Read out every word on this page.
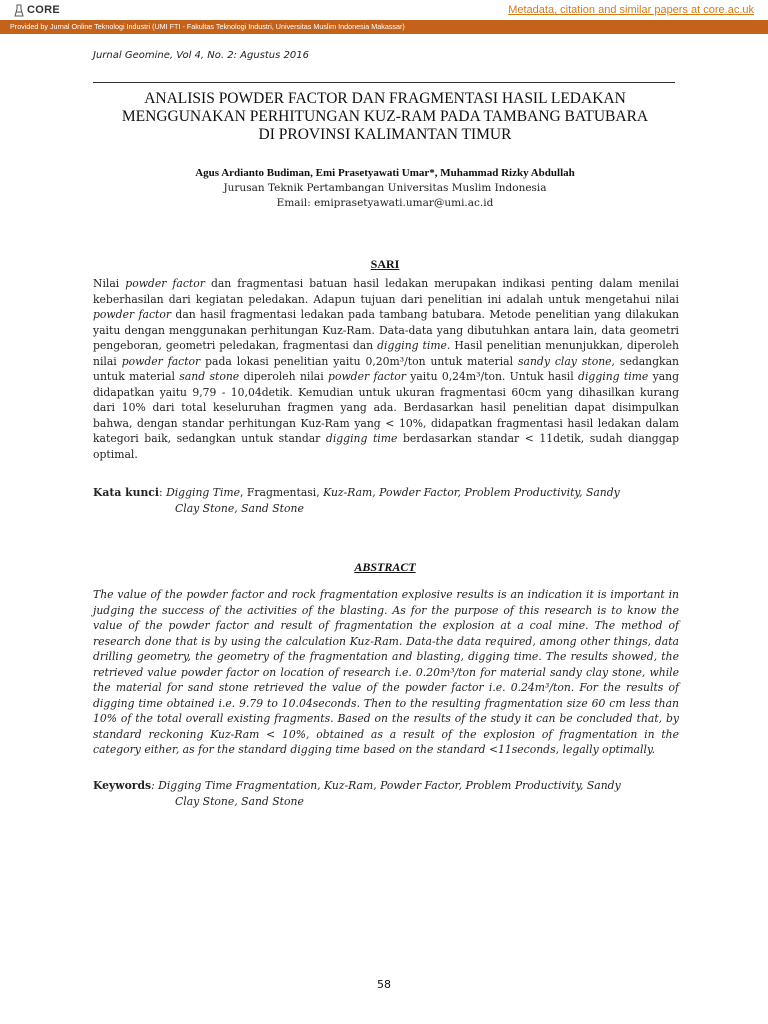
CORE	Metadata, citation and similar papers at core.ac.uk
Provided by Jurnal Online Teknologi Industri (UMI FTI - Fakultas Teknologi Industri, Universitas Muslim Indonesia Makassar)
Jurnal Geomine, Vol 4, No. 2: Agustus 2016
ANALISIS POWDER FACTOR DAN FRAGMENTASI HASIL LEDAKAN
MENGGUNAKAN PERHITUNGAN KUZ-RAM PADA TAMBANG BATUBARA
DI PROVINSI KALIMANTAN TIMUR
Agus Ardianto Budiman, Emi Prasetyawati Umar*, Muhammad Rizky Abdullah
Jurusan Teknik Pertambangan Universitas Muslim Indonesia
Email: emiprasetyawati.umar@umi.ac.id
SARI
Nilai powder factor dan fragmentasi batuan hasil ledakan merupakan indikasi penting dalam menilai keberhasilan dari kegiatan peledakan. Adapun tujuan dari penelitian ini adalah untuk mengetahui nilai powder factor dan hasil fragmentasi ledakan pada tambang batubara. Metode penelitian yang dilakukan yaitu dengan menggunakan perhitungan Kuz-Ram. Data-data yang dibutuhkan antara lain, data geometri pengeboran, geometri peledakan, fragmentasi dan digging time. Hasil penelitian menunjukkan, diperoleh nilai powder factor pada lokasi penelitian yaitu 0,20m³/ton untuk material sandy clay stone, sedangkan untuk material sand stone diperoleh nilai powder factor yaitu 0,24m³/ton. Untuk hasil digging time yang didapatkan yaitu 9,79 - 10,04detik. Kemudian untuk ukuran fragmentasi 60cm yang dihasilkan kurang dari 10% dari total keseluruhan fragmen yang ada. Berdasarkan hasil penelitian dapat disimpulkan bahwa, dengan standar perhitungan Kuz-Ram yang < 10%, didapatkan fragmentasi hasil ledakan dalam kategori baik, sedangkan untuk standar digging time berdasarkan standar < 11detik, sudah dianggap optimal.
Kata kunci: Digging Time, Fragmentasi, Kuz-Ram, Powder Factor, Problem Productivity, Sandy
Clay Stone, Sand Stone
ABSTRACT
The value of the powder factor and rock fragmentation explosive results is an indication it is important in judging the success of the activities of the blasting. As for the purpose of this research is to know the value of the powder factor and result of fragmentation the explosion at a coal mine. The method of research done that is by using the calculation Kuz-Ram. Data-the data required, among other things, data drilling geometry, the geometry of the fragmentation and blasting, digging time. The results showed, the retrieved value powder factor on location of research i.e. 0.20m³/ton for material sandy clay stone, while the material for sand stone retrieved the value of the powder factor i.e. 0.24m³/ton. For the results of digging time obtained i.e. 9.79 to 10.04seconds. Then to the resulting fragmentation size 60 cm less than 10% of the total overall existing fragments. Based on the results of the study it can be concluded that, by standard reckoning Kuz-Ram < 10%, obtained as a result of the explosion of fragmentation in the category either, as for the standard digging time based on the standard <11seconds, legally optimally.
Keywords: Digging Time Fragmentation, Kuz-Ram, Powder Factor, Problem Productivity, Sandy
Clay Stone, Sand Stone
58
